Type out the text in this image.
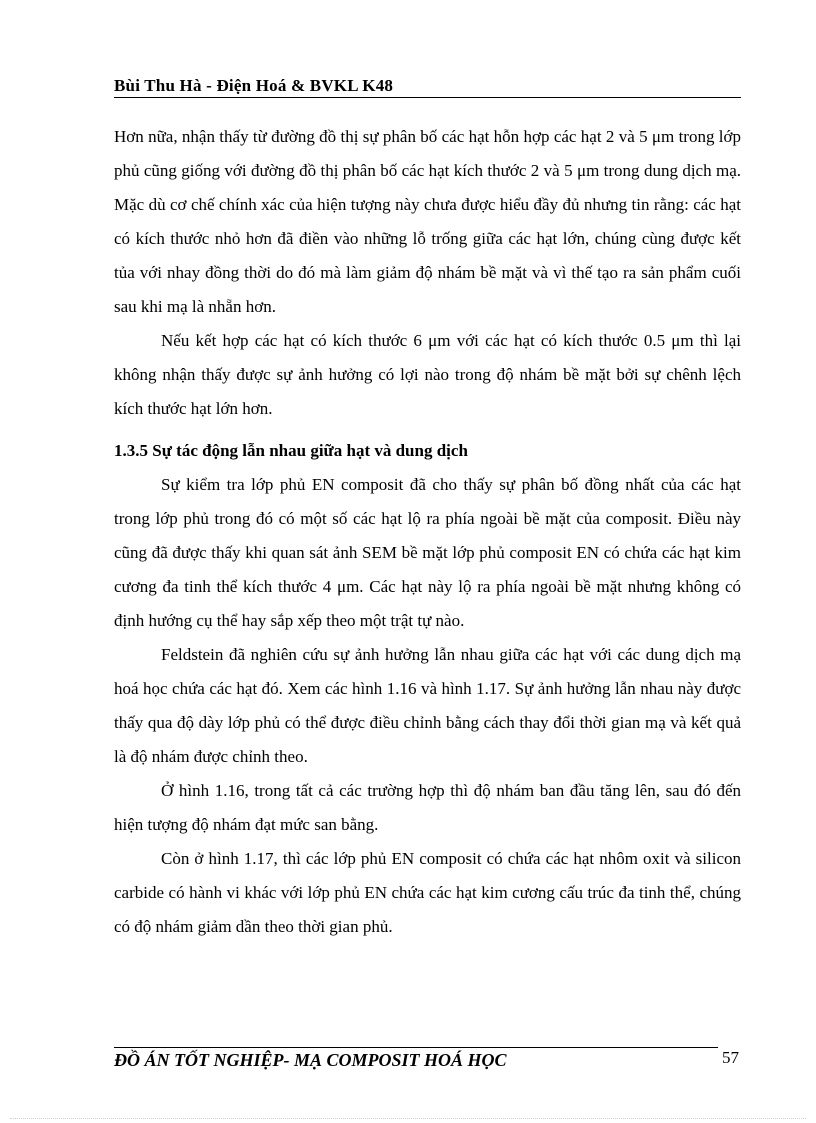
Bùi Thu Hà - Điện Hoá & BVKL K48

Hơn nữa, nhận thấy từ đường đồ thị sự phân bố các hạt hỗn hợp các hạt 2 và 5 μm trong lớp phủ cũng giống với đường đồ thị phân bố các hạt kích thước 2 và 5 μm trong dung dịch mạ. Mặc dù cơ chế chính xác của hiện tượng này chưa được hiểu đầy đủ nhưng tin rằng: các hạt có kích thước nhỏ hơn đã điền vào những lỗ trống giữa các hạt lớn, chúng cùng được kết tủa với nhay đồng thời do đó mà làm giảm độ nhám bề mặt và vì thế tạo ra sản phẩm cuối sau khi mạ là nhẵn hơn.

Nếu kết hợp các hạt có kích thước 6 μm với các hạt có kích thước 0.5 μm thì lại không nhận thấy được sự ảnh hưởng có lợi nào trong độ nhám bề mặt bởi sự chênh lệch kích thước hạt lớn hơn.

1.3.5 Sự tác động lẫn nhau giữa hạt và dung dịch

Sự kiểm tra lớp phủ EN composit đã cho thấy sự phân bố đồng nhất của các hạt trong lớp phủ trong đó có một số các hạt lộ ra phía ngoài bề mặt của composit. Điều này cũng đã được thấy khi quan sát ảnh SEM bề mặt lớp phủ composit EN có chứa các hạt kim cương đa tinh thể kích thước 4 μm. Các hạt này lộ ra phía ngoài bề mặt nhưng không có định hướng cụ thể hay sắp xếp theo một trật tự nào.

Feldstein đã nghiên cứu sự ảnh hưởng lẫn nhau giữa các hạt với các dung dịch mạ hoá học chứa các hạt đó. Xem các hình 1.16 và hình 1.17. Sự ảnh hưởng lẫn nhau này được thấy qua độ dày lớp phủ có thể được điều chỉnh bằng cách thay đổi thời gian mạ và kết quả là độ nhám được chỉnh theo.

Ở hình 1.16, trong tất cả các trường hợp thì độ nhám ban đầu tăng lên, sau đó đến hiện tượng độ nhám đạt mức san bằng.

Còn ở hình 1.17, thì các lớp phủ EN composit có chứa các hạt nhôm oxit và silicon carbide có hành vi khác với lớp phủ EN chứa các hạt kim cương cấu trúc đa tinh thể, chúng có độ nhám giảm dần theo thời gian phủ.

ĐỒ ÁN TỐT NGHIỆP- MẠ COMPOSIT HOÁ HỌC	57
